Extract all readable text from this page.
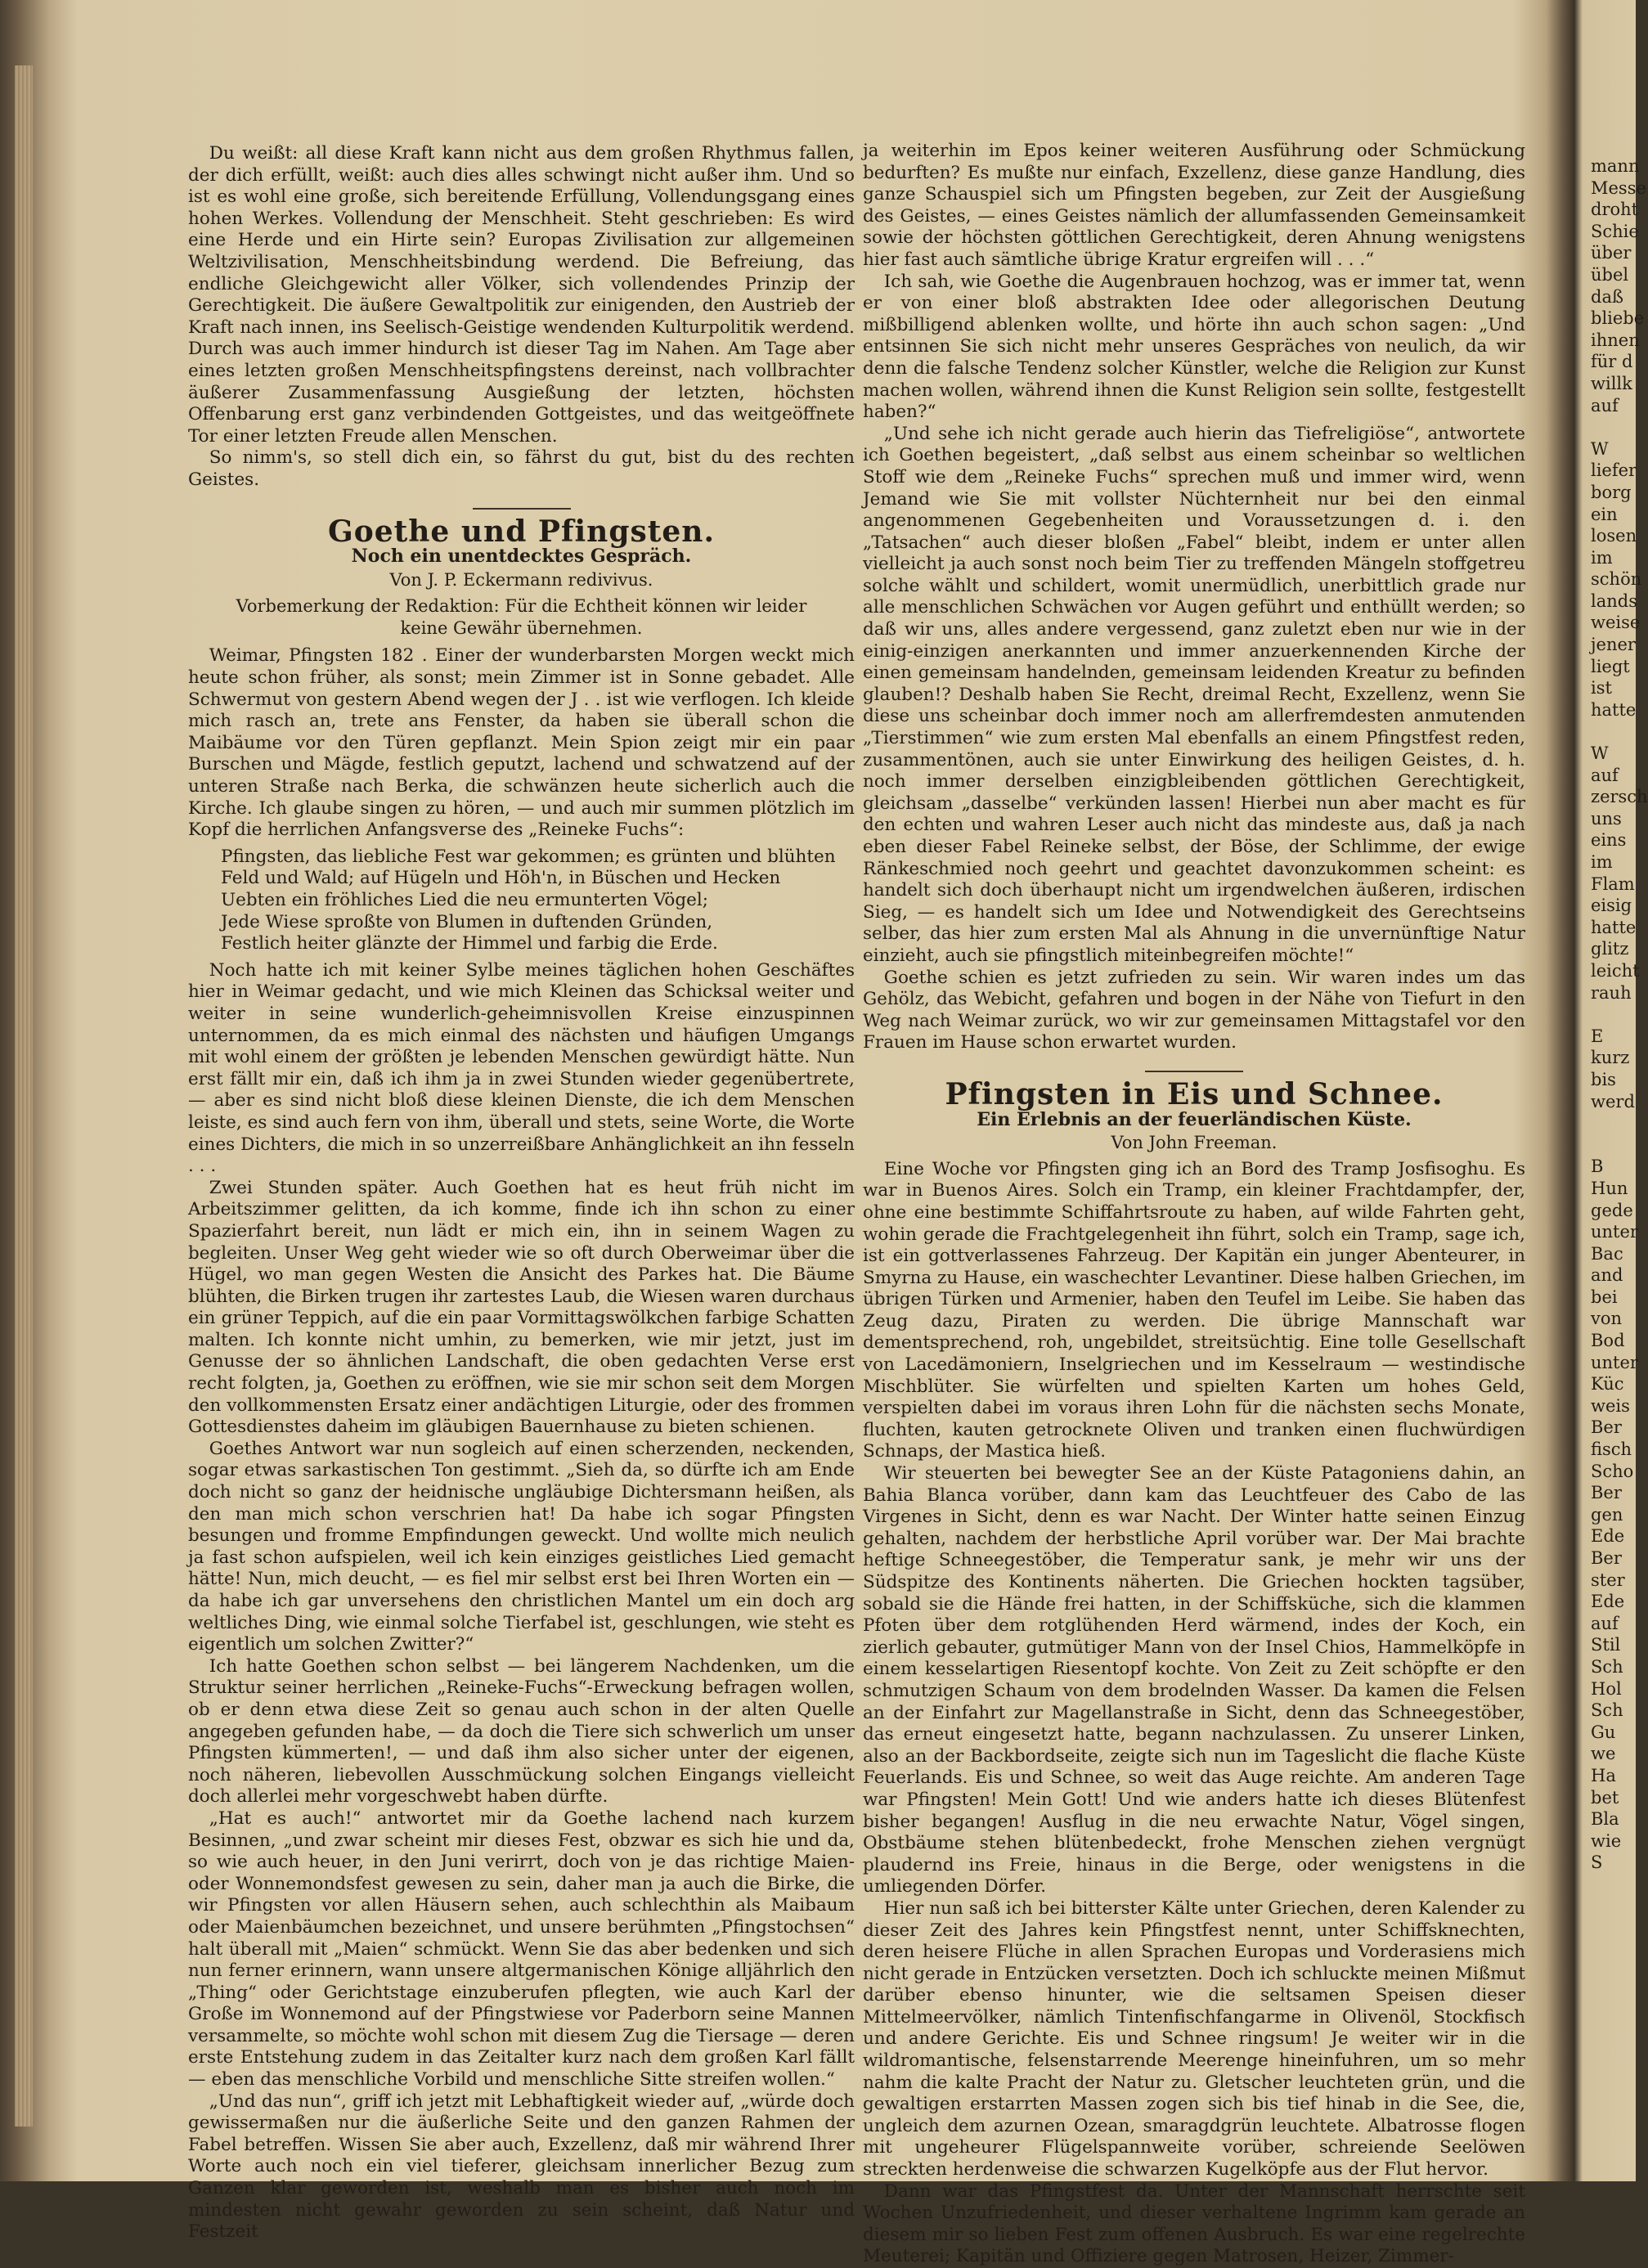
Du weißt: all diese Kraft kann nicht aus dem großen Rhythmus fallen, der dich erfüllt, weißt: auch dies alles schwingt nicht außer ihm. Und so ist es wohl eine große, sich bereitende Erfüllung, Vollendungsgang eines hohen Werkes. Vollendung der Menschheit. Steht geschrieben: Es wird eine Herde und ein Hirte sein? Europas Zivilisation zur allgemeinen Weltzivilisation, Menschheitsbindung werdend. Die Befreiung, das endliche Gleichgewicht aller Völker, sich vollendendes Prinzip der Gerechtigkeit. Die äußere Gewaltpolitik zur einigenden, den Austrieb der Kraft nach innen, ins Seelisch-Geistige wendenden Kulturpolitik werdend. Durch was auch immer hindurch ist dieser Tag im Nahen. Am Tage aber eines letzten großen Menschheitspfingstens dereinst, nach vollbrachter äußerer Zusammenfassung Ausgießung der letzten, höchsten Offenbarung erst ganz verbindenden Gottgeistes, und das weitgeöffnete Tor einer letzten Freude allen Menschen.

So nimm's, so stell dich ein, so fährst du gut, bist du des rechten Geistes.

Goethe und Pfingsten.
Noch ein unentdecktes Gespräch.
Von J. P. Eckermann redivivus.
Vorbemerkung der Redaktion: Für die Echtheit können wir leider keine Gewähr übernehmen.

Weimar, Pfingsten 182 . Einer der wunderbarsten Morgen weckt mich heute schon früher, als sonst; mein Zimmer ist in Sonne gebadet. Alle Schwermut von gestern Abend wegen der J . . ist wie verflogen. Ich kleide mich rasch an, trete ans Fenster, da haben sie überall schon die Maibäume vor den Türen gepflanzt. Mein Spion zeigt mir ein paar Burschen und Mägde, festlich geputzt, lachend und schwatzend auf der unteren Straße nach Berka, die schwänzen heute sicherlich auch die Kirche. Ich glaube singen zu hören, — und auch mir summen plötzlich im Kopf die herrlichen Anfangsverse des „Reineke Fuchs“:

Pfingsten, das liebliche Fest war gekommen; es grünten und blühten
Feld und Wald; auf Hügeln und Höh'n, in Büschen und Hecken
Uebten ein fröhliches Lied die neu ermunterten Vögel;
Jede Wiese sproßte von Blumen in duftenden Gründen,
Festlich heiter glänzte der Himmel und farbig die Erde.

Noch hatte ich mit keiner Sylbe meines täglichen hohen Geschäftes hier in Weimar gedacht, und wie mich Kleinen das Schicksal weiter und weiter in seine wunderlich-geheimnisvollen Kreise einzuspinnen unternommen, da es mich einmal des nächsten und häufigen Umgangs mit wohl einem der größten je lebenden Menschen gewürdigt hätte. Nun erst fällt mir ein, daß ich ihm ja in zwei Stunden wieder gegenübertrete, — aber es sind nicht bloß diese kleinen Dienste, die ich dem Menschen leiste, es sind auch fern von ihm, überall und stets, seine Worte, die Worte eines Dichters, die mich in so unzerreißbare Anhänglichkeit an ihn fesseln . . .

Zwei Stunden später. Auch Goethen hat es heut früh nicht im Arbeitszimmer gelitten, da ich komme, finde ich ihn schon zu einer Spazierfahrt bereit, nun lädt er mich ein, ihn in seinem Wagen zu begleiten. Unser Weg geht wieder wie so oft durch Oberweimar über die Hügel, wo man gegen Westen die Ansicht des Parkes hat. Die Bäume blühten, die Birken trugen ihr zartestes Laub, die Wiesen waren durchaus ein grüner Teppich, auf die ein paar Vormittagswölkchen farbige Schatten malten. Ich konnte nicht umhin, zu bemerken, wie mir jetzt, just im Genusse der so ähnlichen Landschaft, die oben gedachten Verse erst recht folgten, ja, Goethen zu eröffnen, wie sie mir schon seit dem Morgen den vollkommensten Ersatz einer andächtigen Liturgie, oder des frommen Gottesdienstes daheim im gläubigen Bauernhause zu bieten schienen.

Goethes Antwort war nun sogleich auf einen scherzenden, neckenden, sogar etwas sarkastischen Ton gestimmt. „Sieh da, so dürfte ich am Ende doch nicht so ganz der heidnische ungläubige Dichtersmann heißen, als den man mich schon verschrien hat! Da habe ich sogar Pfingsten besungen und fromme Empfindungen geweckt. Und wollte mich neulich ja fast schon aufspielen, weil ich kein einziges geistliches Lied gemacht hätte! Nun, mich deucht, — es fiel mir selbst erst bei Ihren Worten ein — da habe ich gar unversehens den christlichen Mantel um ein doch arg weltliches Ding, wie einmal solche Tierfabel ist, geschlungen, wie steht es eigentlich um solchen Zwitter?“

Ich hatte Goethen schon selbst — bei längerem Nachdenken, um die Struktur seiner herrlichen „Reineke-Fuchs“-Erweckung befragen wollen, ob er denn etwa diese Zeit so genau auch schon in der alten Quelle angegeben gefunden habe, — da doch die Tiere sich schwerlich um unser Pfingsten kümmerten!, — und daß ihm also sicher unter der eigenen, noch näheren, liebevollen Ausschmückung solchen Eingangs vielleicht doch allerlei mehr vorgeschwebt haben dürfte.

„Hat es auch!“ antwortet mir da Goethe lachend nach kurzem Besinnen, „und zwar scheint mir dieses Fest, obzwar es sich hie und da, so wie auch heuer, in den Juni verirrt, doch von je das richtige Maien- oder Wonnemondsfest gewesen zu sein, daher man ja auch die Birke, die wir Pfingsten vor allen Häusern sehen, auch schlechthin als Maibaum oder Maienbäumchen bezeichnet, und unsere berühmten „Pfingstochsen“ halt überall mit „Maien“ schmückt. Wenn Sie das aber bedenken und sich nun ferner erinnern, wann unsere altgermanischen Könige alljährlich den „Thing“ oder Gerichtstage einzuberufen pflegten, wie auch Karl der Große im Wonnemond auf der Pfingstwiese vor Paderborn seine Mannen versammelte, so möchte wohl schon mit diesem Zug die Tiersage — deren erste Entstehung zudem in das Zeitalter kurz nach dem großen Karl fällt — eben das menschliche Vorbild und menschliche Sitte streifen wollen.“

„Und das nun“, griff ich jetzt mit Lebhaftigkeit wieder auf, „würde doch gewissermaßen nur die äußerliche Seite und den ganzen Rahmen der Fabel betreffen. Wissen Sie aber auch, Exzellenz, daß mir während Ihrer Worte auch noch ein viel tieferer, gleichsam innerlicher Bezug zum Ganzen klar geworden ist, weshalb man es bisher auch noch im mindesten nicht gewahr geworden zu sein scheint, daß Natur und Festzeit

ja weiterhin im Epos keiner weiteren Ausführung oder Schmückung bedurften? Es mußte nur einfach, Exzellenz, diese ganze Handlung, dies ganze Schauspiel sich um Pfingsten begeben, zur Zeit der Ausgießung des Geistes, — eines Geistes nämlich der allumfassenden Gemeinsamkeit sowie der höchsten göttlichen Gerechtigkeit, deren Ahnung wenigstens hier fast auch sämtliche übrige Kratur ergreifen will . . .“

Ich sah, wie Goethe die Augenbrauen hochzog, was er immer tat, wenn er von einer bloß abstrakten Idee oder allegorischen Deutung mißbilligend ablenken wollte, und hörte ihn auch schon sagen: „Und entsinnen Sie sich nicht mehr unseres Gespräches von neulich, da wir denn die falsche Tendenz solcher Künstler, welche die Religion zur Kunst machen wollen, während ihnen die Kunst Religion sein sollte, festgestellt haben?“

„Und sehe ich nicht gerade auch hierin das Tiefreligiöse“, antwortete ich Goethen begeistert, „daß selbst aus einem scheinbar so weltlichen Stoff wie dem „Reineke Fuchs“ sprechen muß und immer wird, wenn Jemand wie Sie mit vollster Nüchternheit nur bei den einmal angenommenen Gegebenheiten und Voraussetzungen d. i. den „Tatsachen“ auch dieser bloßen „Fabel“ bleibt, indem er unter allen vielleicht ja auch sonst noch beim Tier zu treffenden Mängeln stoffgetreu solche wählt und schildert, womit unermüdlich, unerbittlich grade nur alle menschlichen Schwächen vor Augen geführt und enthüllt werden; so daß wir uns, alles andere vergessend, ganz zuletzt eben nur wie in der einig-einzigen anerkannten und immer anzuerkennenden Kirche der einen gemeinsam handelnden, gemeinsam leidenden Kreatur zu befinden glauben!? Deshalb haben Sie Recht, dreimal Recht, Exzellenz, wenn Sie diese uns scheinbar doch immer noch am allerfremdesten anmutenden „Tierstimmen“ wie zum ersten Mal ebenfalls an einem Pfingstfest reden, zusammentönen, auch sie unter Einwirkung des heiligen Geistes, d. h. noch immer derselben einzigbleibenden göttlichen Gerechtigkeit, gleichsam „dasselbe“ verkünden lassen! Hierbei nun aber macht es für den echten und wahren Leser auch nicht das mindeste aus, daß ja nach eben dieser Fabel Reineke selbst, der Böse, der Schlimme, der ewige Ränkeschmied noch geehrt und geachtet davonzukommen scheint: es handelt sich doch überhaupt nicht um irgendwelchen äußeren, irdischen Sieg, — es handelt sich um Idee und Notwendigkeit des Gerechtseins selber, das hier zum ersten Mal als Ahnung in die unvernünftige Natur einzieht, auch sie pfingstlich miteinbegreifen möchte!“

Goethe schien es jetzt zufrieden zu sein. Wir waren indes um das Gehölz, das Webicht, gefahren und bogen in der Nähe von Tiefurt in den Weg nach Weimar zurück, wo wir zur gemeinsamen Mittagstafel vor den Frauen im Hause schon erwartet wurden.

Pfingsten in Eis und Schnee.
Ein Erlebnis an der feuerländischen Küste.
Von John Freeman.

Eine Woche vor Pfingsten ging ich an Bord des Tramp Josfisoghu. Es war in Buenos Aires. Solch ein Tramp, ein kleiner Frachtdampfer, der, ohne eine bestimmte Schiffahrtsroute zu haben, auf wilde Fahrten geht, wohin gerade die Frachtgelegenheit ihn führt, solch ein Tramp, sage ich, ist ein gottverlassenes Fahrzeug. Der Kapitän ein junger Abenteurer, in Smyrna zu Hause, ein waschechter Levantiner. Diese halben Griechen, im übrigen Türken und Armenier, haben den Teufel im Leibe. Sie haben das Zeug dazu, Piraten zu werden. Die übrige Mannschaft war dementsprechend, roh, ungebildet, streitsüchtig. Eine tolle Gesellschaft von Lacedämoniern, Inselgriechen und im Kesselraum — westindische Mischblüter. Sie würfelten und spielten Karten um hohes Geld, verspielten dabei im voraus ihren Lohn für die nächsten sechs Monate, fluchten, kauten getrocknete Oliven und tranken einen fluchwürdigen Schnaps, der Mastica hieß.

Wir steuerten bei bewegter See an der Küste Patagoniens dahin, an Bahia Blanca vorüber, dann kam das Leuchtfeuer des Cabo de las Virgenes in Sicht, denn es war Nacht. Der Winter hatte seinen Einzug gehalten, nachdem der herbstliche April vorüber war. Der Mai brachte heftige Schneegestöber, die Temperatur sank, je mehr wir uns der Südspitze des Kontinents näherten. Die Griechen hockten tagsüber, sobald sie die Hände frei hatten, in der Schiffsküche, sich die klammen Pfoten über dem rotglühenden Herd wärmend, indes der Koch, ein zierlich gebauter, gutmütiger Mann von der Insel Chios, Hammelköpfe in einem kesselartigen Riesentopf kochte. Von Zeit zu Zeit schöpfte er den schmutzigen Schaum von dem brodelnden Wasser. Da kamen die Felsen an der Einfahrt zur Magellanstraße in Sicht, denn das Schneegestöber, das erneut eingesetzt hatte, begann nachzulassen. Zu unserer Linken, also an der Backbordseite, zeigte sich nun im Tageslicht die flache Küste Feuerlands. Eis und Schnee, so weit das Auge reichte. Am anderen Tage war Pfingsten! Mein Gott! Und wie anders hatte ich dieses Blütenfest bisher begangen! Ausflug in die neu erwachte Natur, Vögel singen, Obstbäume stehen blütenbedeckt, frohe Menschen ziehen vergnügt plaudernd ins Freie, hinaus in die Berge, oder wenigstens in die umliegenden Dörfer.

Hier nun saß ich bei bitterster Kälte unter Griechen, deren Kalender zu dieser Zeit des Jahres kein Pfingstfest nennt, unter Schiffsknechten, deren heisere Flüche in allen Sprachen Europas und Vorderasiens mich nicht gerade in Entzücken versetzten. Doch ich schluckte meinen Mißmut darüber ebenso hinunter, wie die seltsamen Speisen dieser Mittelmeervölker, nämlich Tintenfischfangarme in Olivenöl, Stockfisch und andere Gerichte. Eis und Schnee ringsum! Je weiter wir in die wildromantische, felsenstarrende Meerenge hineinfuhren, um so mehr nahm die kalte Pracht der Natur zu. Gletscher leuchteten grün, und die gewaltigen erstarrten Massen zogen sich bis tief hinab in die See, die, ungleich dem azurnen Ozean, smaragdgrün leuchtete. Albatrosse flogen mit ungeheurer Flügelspannweite vorüber, schreiende Seelöwen streckten herdenweise die schwarzen Kugelköpfe aus der Flut hervor.

Dann war das Pfingstfest da. Unter der Mannschaft herrschte seit Wochen Unzufriedenheit, und dieser verhaltene Ingrimm kam gerade an diesem mir so lieben Fest zum offenen Ausbruch. Es war eine regelrechte Meuterei; Kapitän und Offiziere gegen Matrosen, Heizer, Zimmer-

mann
Messe
droht
Schie
über
übel
daß
bliebe
ihnen
für d
willk
auf

W
liefer
borg
ein
losen
im
schön
lands
weise
jener
liegt
ist
hatte

W
auf
zersch
uns
eins
im
Flam
eisig
hatte
glitz
leicht
rauh

E
kurz
bis
werd

B
Hun
gede
unter
Bac
and
bei
von
Bod
unter
Küc
weis
Ber
fisch
Scho
Ber
gen
Ede
Ber
ster
Ede
auf
Stil
Sch
Hol
Sch
Gu
we
Ha
bet
Bla
wie
S
